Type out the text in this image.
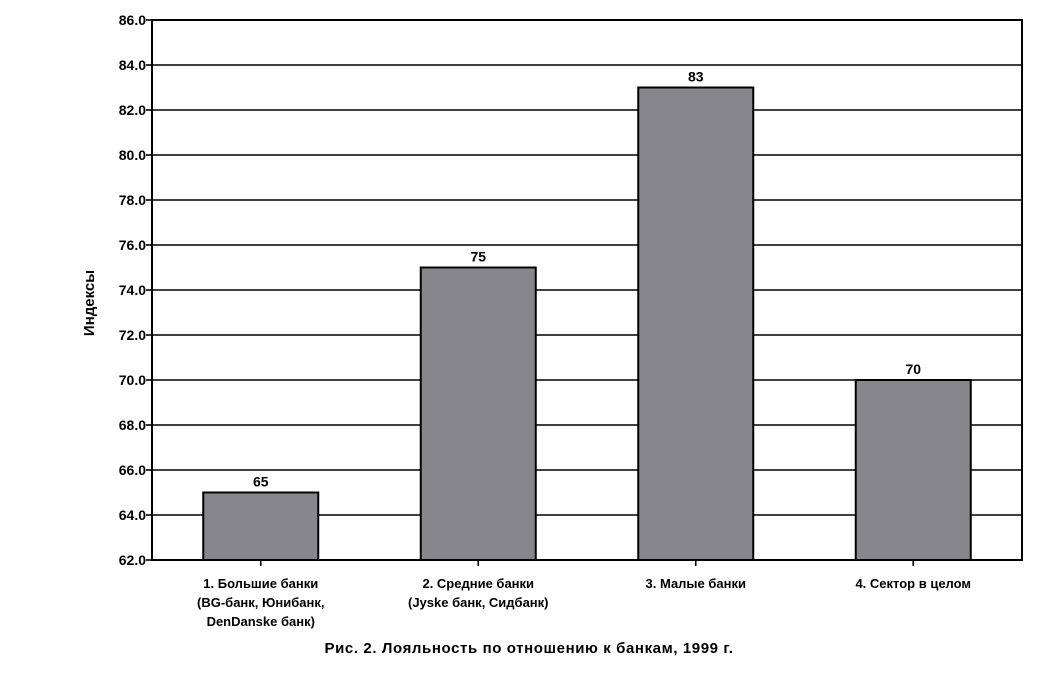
62.0
64.0
66.0
68.0
70.0
72.0
74.0
76.0
78.0
80.0
82.0
84.0
86.0
65
75
83
70
1. Большие банки (BG-банк, Юнибанк, DenDanske банк)
2. Средние банки (Jyske банк, Сидбанк)
3. Малые банки	4. Сектор в целом
Индексы
Рис. 2. Лояльность по отношению к банкам, 1999 г.
